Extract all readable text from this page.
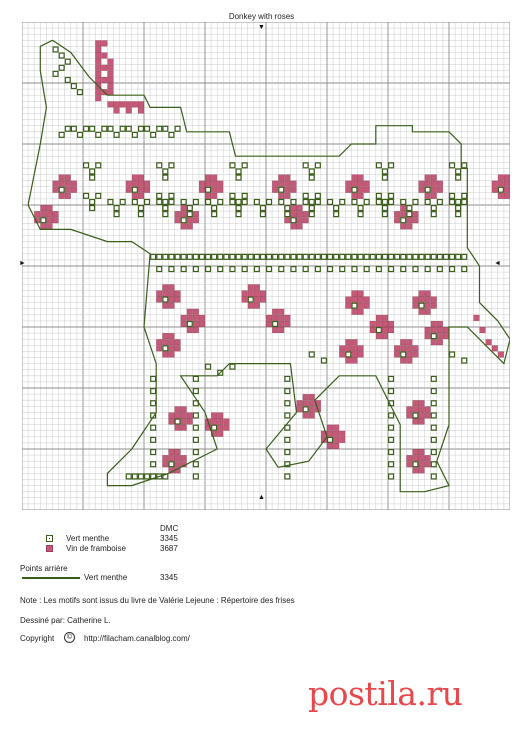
Donkey with roses
▼
▲
►	◄
DMC
Vert menthe	3345
Vin de framboise	3687
Points arrière
Vert menthe	3345
Note : Les motifs sont issus du livre de Valérie Lejeune : Répertoire des frises
Dessiné par: Catherine L.
Copyright	©	http://filacham.canalblog.com/
postila.ru
